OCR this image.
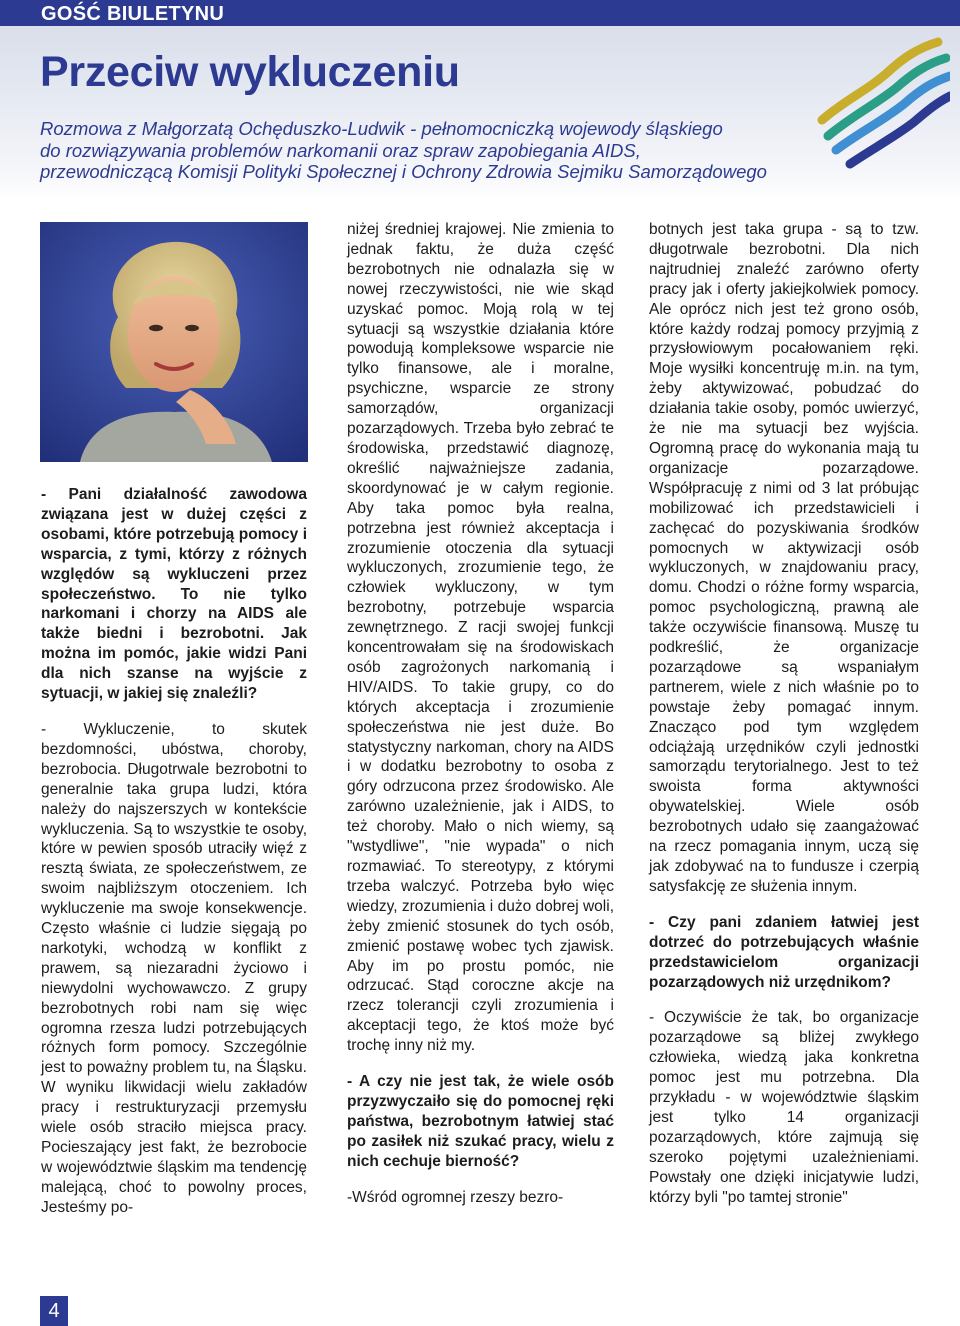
GOŚĆ BIULETYNU
Przeciw wykluczeniu
Rozmowa z Małgorzatą Ochęduszko-Ludwik - pełnomocniczką wojewody śląskiego
do rozwiązywania problemów narkomanii oraz spraw zapobiegania AIDS,
przewodniczącą Komisji Polityki Społecznej i Ochrony Zdrowia Sejmiku Samorządowego

- Pani działalność zawodowa związana jest w dużej części z osobami, które potrzebują pomocy i wsparcia, z tymi, którzy z różnych względów są wykluczeni przez społeczeństwo. To nie tylko narkomani i chorzy na AIDS ale także biedni i bezrobotni. Jak można im pomóc, jakie widzi Pani dla nich szanse na wyjście z sytuacji, w jakiej się znaleźli?

- Wykluczenie, to skutek bezdomności, ubóstwa, choroby, bezrobocia. Długotrwale bezrobotni to generalnie taka grupa ludzi, która należy do najszerszych w kontekście wykluczenia. Są to wszystkie te osoby, które w pewien sposób utraciły więź z resztą świata, ze społeczeństwem, ze swoim najbliższym otoczeniem. Ich wykluczenie ma swoje konsekwencje. Często właśnie ci ludzie sięgają po narkotyki, wchodzą w konflikt z prawem, są niezaradni życiowo i niewydolni wychowawczo. Z grupy bezrobotnych robi nam się więc ogromna rzesza ludzi potrzebujących różnych form pomocy. Szczególnie jest to poważny problem tu, na Śląsku. W wyniku likwidacji wielu zakładów pracy i restrukturyzacji przemysłu wiele osób straciło miejsca pracy. Pocieszający jest fakt, że bezrobocie w województwie śląskim ma tendencję malejącą, choć to powolny proces, Jesteśmy po-

niżej średniej krajowej. Nie zmienia to jednak faktu, że duża część bezrobotnych nie odnalazła się w nowej rzeczywistości, nie wie skąd uzyskać pomoc. Moją rolą w tej sytuacji są wszystkie działania które powodują kompleksowe wsparcie nie tylko finansowe, ale i moralne, psychiczne, wsparcie ze strony samorządów, organizacji pozarządowych. Trzeba było zebrać te środowiska, przedstawić diagnozę, określić najważniejsze zadania, skoordynować je w całym regionie. Aby taka pomoc była realna, potrzebna jest również akceptacja i zrozumienie otoczenia dla sytuacji wykluczonych, zrozumienie tego, że człowiek wykluczony, w tym bezrobotny, potrzebuje wsparcia zewnętrznego. Z racji swojej funkcji koncentrowałam się na środowiskach osób zagrożonych narkomanią i HIV/AIDS. To takie grupy, co do których akceptacja i zrozumienie społeczeństwa nie jest duże. Bo statystyczny narkoman, chory na AIDS i w dodatku bezrobotny to osoba z góry odrzucona przez środowisko. Ale zarówno uzależnienie, jak i AIDS, to też choroby. Mało o nich wiemy, są "wstydliwe", "nie wypada" o nich rozmawiać. To stereotypy, z którymi trzeba walczyć. Potrzeba było więc wiedzy, zrozumienia i dużo dobrej woli, żeby zmienić stosunek do tych osób, zmienić postawę wobec tych zjawisk. Aby im po prostu pomóc, nie odrzucać. Stąd coroczne akcje na rzecz tolerancji czyli zrozumienia i akceptacji tego, że ktoś może być trochę inny niż my.

- A czy nie jest tak, że wiele osób przyzwyczaiło się do pomocnej ręki państwa, bezrobotnym łatwiej stać po zasiłek niż szukać pracy, wielu z nich cechuje bierność?

-Wśród ogromnej rzeszy bezro-

botnych jest taka grupa - są to tzw. długotrwale bezrobotni. Dla nich najtrudniej znaleźć zarówno oferty pracy jak i oferty jakiejkolwiek pomocy. Ale oprócz nich jest też grono osób, które każdy rodzaj pomocy przyjmią z przysłowiowym pocałowaniem ręki. Moje wysiłki koncentruję m.in. na tym, żeby aktywizować, pobudzać do działania takie osoby, pomóc uwierzyć, że nie ma sytuacji bez wyjścia. Ogromną pracę do wykonania mają tu organizacje pozarządowe. Współpracuję z nimi od 3 lat próbując mobilizować ich przedstawicieli i zachęcać do pozyskiwania środków pomocnych w aktywizacji osób wykluczonych, w znajdowaniu pracy, domu. Chodzi o różne formy wsparcia, pomoc psychologiczną, prawną ale także oczywiście finansową. Muszę tu podkreślić, że organizacje pozarządowe są wspaniałym partnerem, wiele z nich właśnie po to powstaje żeby pomagać innym. Znacząco pod tym względem odciążają urzędników czyli jednostki samorządu terytorialnego. Jest to też swoista forma aktywności obywatelskiej. Wiele osób bezrobotnych udało się zaangażować na rzecz pomagania innym, uczą się jak zdobywać na to fundusze i czerpią satysfakcję ze służenia innym.

- Czy pani zdaniem łatwiej jest dotrzeć do potrzebujących właśnie przedstawicielom organizacji pozarządowych niż urzędnikom?

- Oczywiście że tak, bo organizacje pozarządowe są bliżej zwykłego człowieka, wiedzą jaka konkretna pomoc jest mu potrzebna. Dla przykładu - w województwie śląskim jest tylko 14 organizacji pozarządowych, które zajmują się szeroko pojętymi uzależnieniami. Powstały one dzięki inicjatywie ludzi, którzy byli "po tamtej stronie"

4
